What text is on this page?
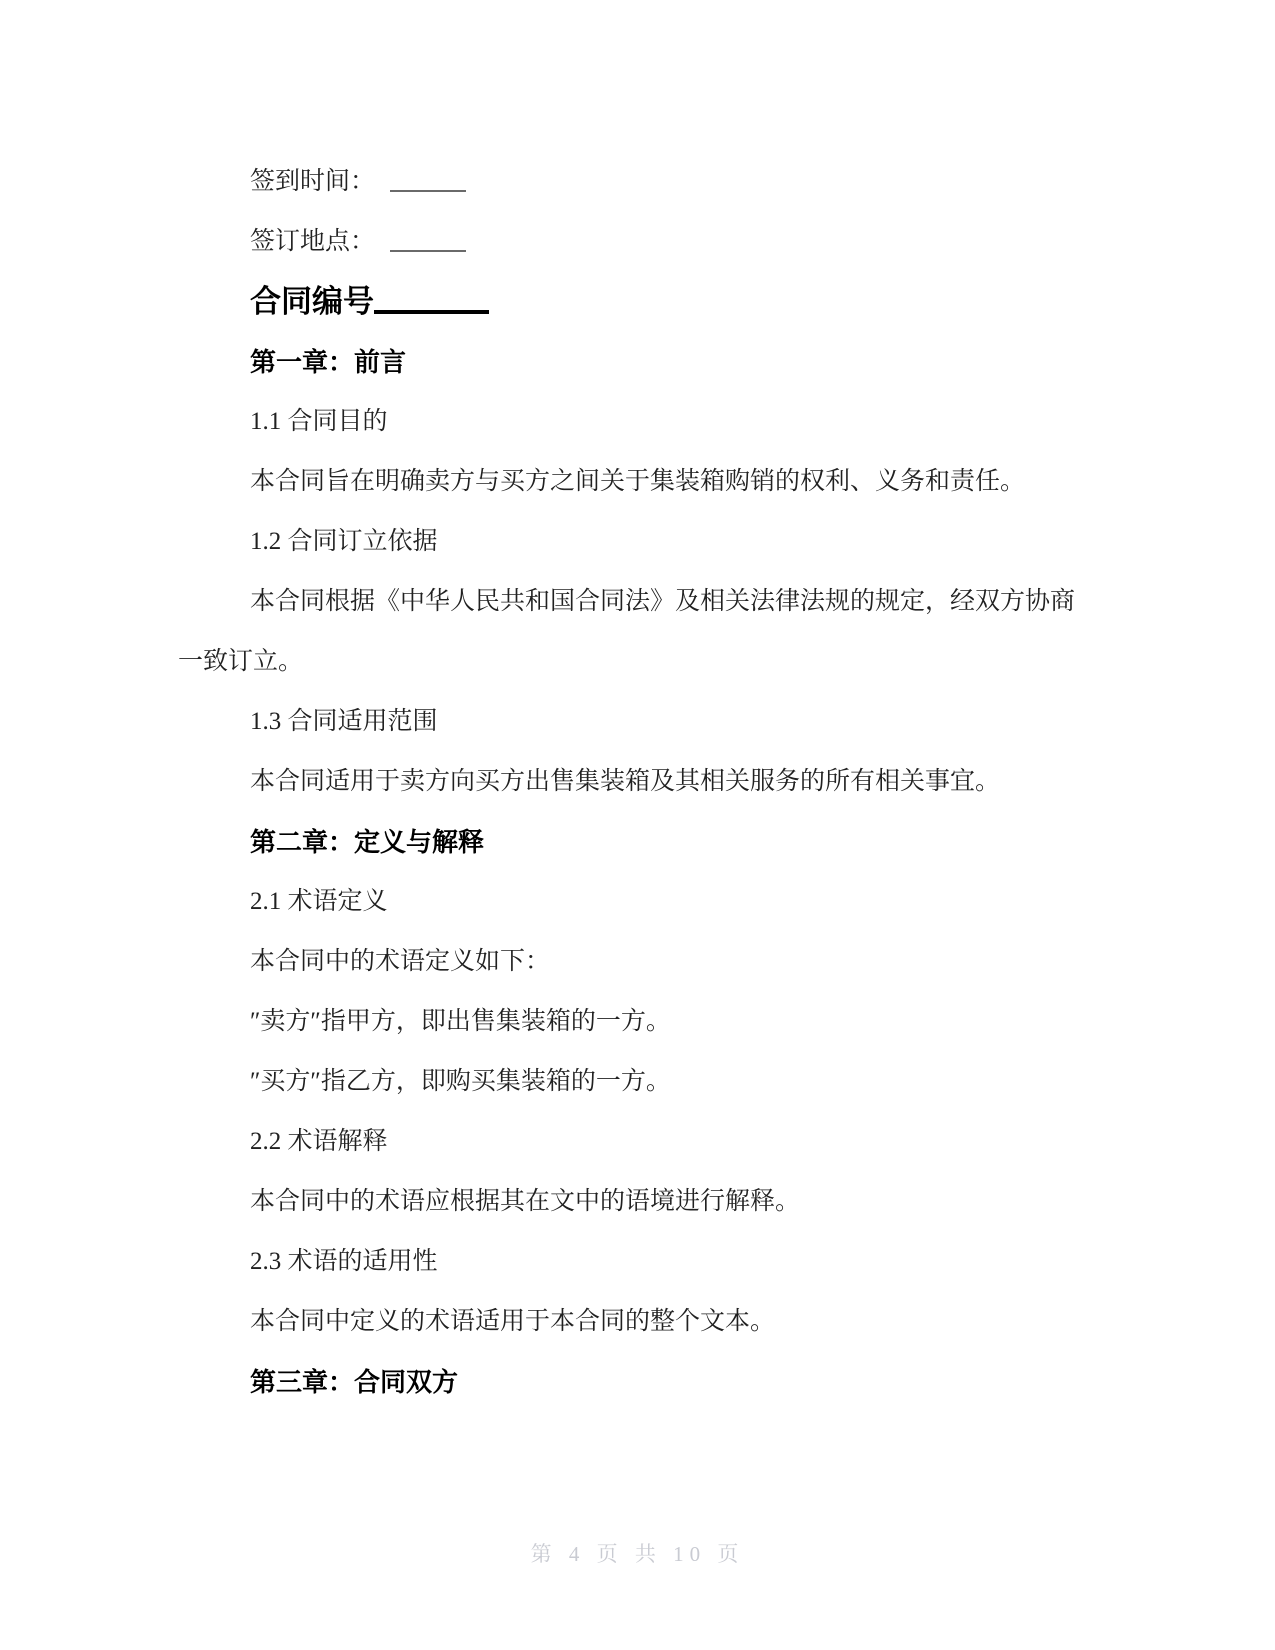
签到时间：

签订地点：

合同编号

第一章：前言

1.1 合同目的

本合同旨在明确卖方与买方之间关于集装箱购销的权利、义务和责任。

1.2 合同订立依据

本合同根据《中华人民共和国合同法》及相关法律法规的规定，经双方协商一致订立。

1.3 合同适用范围

本合同适用于卖方向买方出售集装箱及其相关服务的所有相关事宜。

第二章：定义与解释

2.1 术语定义

本合同中的术语定义如下：

″卖方″指甲方，即出售集装箱的一方。

″买方″指乙方，即购买集装箱的一方。

2.2 术语解释

本合同中的术语应根据其在文中的语境进行解释。

2.3 术语的适用性

本合同中定义的术语适用于本合同的整个文本。

第三章：合同双方
第 4 页 共 10 页
